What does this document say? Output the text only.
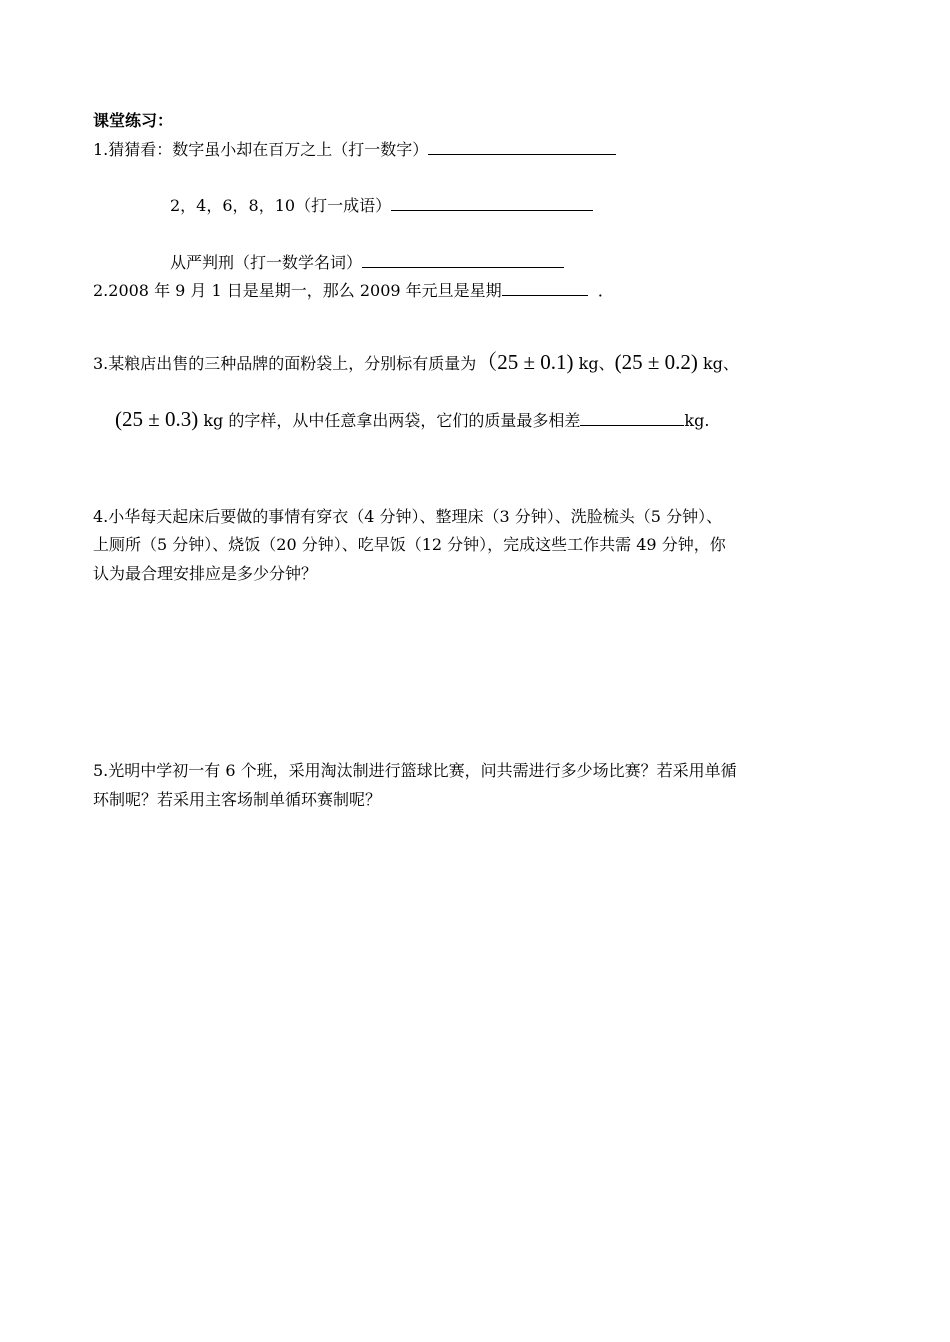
课堂练习：
1.猜猜看：数字虽小却在百万之上（打一数字）
2，4，6，8，10（打一成语）
从严判刑（打一数学名词）
2.2008 年 9 月 1 日是星期一，那么 2009 年元旦是星期	．
3.某粮店出售的三种品牌的面粉袋上，分别标有质量为（25 ± 0.1) kg、(25 ± 0.2) kg、
(25 ± 0.3) kg 的字样，从中任意拿出两袋，它们的质量最多相差	kg.
4.小华每天起床后要做的事情有穿衣（4 分钟）、整理床（3 分钟）、洗脸梳头（5 分钟）、
上厕所（5 分钟）、烧饭（20 分钟）、吃早饭（12 分钟），完成这些工作共需 49 分钟，你
认为最合理安排应是多少分钟？
5.光明中学初一有 6 个班，采用淘汰制进行篮球比赛，问共需进行多少场比赛？若采用单循
环制呢？若采用主客场制单循环赛制呢？
